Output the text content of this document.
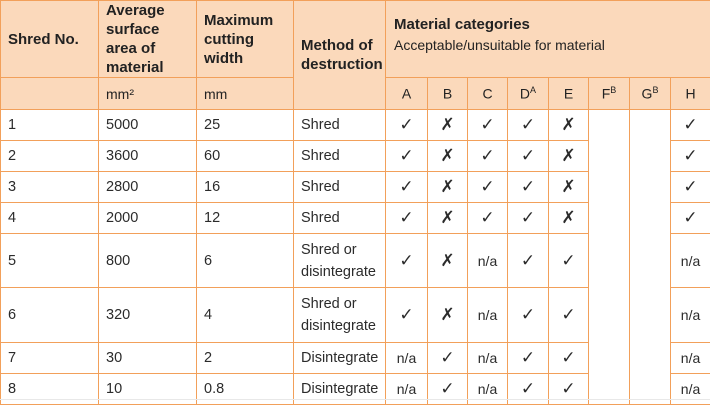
Shred No.	Average surface area of material	Maximum cutting width	Method of destruction	Material categories
Acceptable/unsuitable for material							

	mm²	mm		A	B	C	$D^A$	E	$F^B$	$G^B$	H
1	5000	25	Shred	✓	✗	✓	✓	✗			✓
2	3600	60	Shred	✓	✗	✓	✓	✗			✓
3	2800	16	Shred	✓	✗	✓	✓	✗			✓
4	2000	12	Shred	✓	✗	✓	✓	✗			✓
5	800	6	Shred or disintegrate	✓	✗	n/a	✓	✓			n/a
6	320	4	Shred or disintegrate	✓	✗	n/a	✓	✓			n/a
7	30	2	Disintegrate	n/a	✓	n/a	✓	✓			n/a
8	10	0.8	Disintegrate	n/a	✓	n/a	✓	✓			n/a
